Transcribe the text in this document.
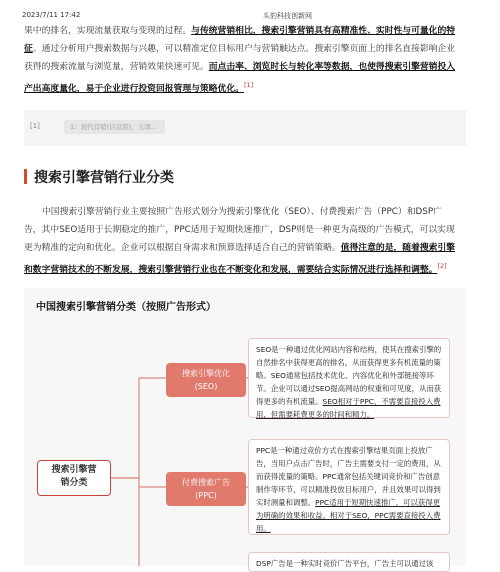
2023/7/11 17:42	头豹科技创新网
果中的排名，实现流量获取与变现的过程。与传统营销相比，搜索引擎营销具有高精准性、实时性与可量化的特
征。通过分析用户搜索数据与兴趣，可以精准定位目标用户与营销触达点。搜索引擎页面上的排名直接影响企业
获得的搜索流量与浏览量，营销效果快速可见。而点击率、浏览时长与转化率等数据，也使得搜索引擎营销投入
产出高度量化，易于企业进行投资回报管理与策略优化。[1]
[1]	1：现代营销(信息版)，天津...
搜索引擎营销行业分类
中国搜索引擎营销行业主要按照广告形式划分为搜索引擎优化（SEO）、付费搜索广告（PPC）和DSP广
告，其中SEO适用于长期稳定的推广，PPC适用于短期快速推广，DSP则是一种更为高级的广告模式，可以实现
更为精准的定向和优化。企业可以根据自身需求和预算选择适合自己的营销策略。值得注意的是，随着搜索引擎
和数字营销技术的不断发展，搜索引擎营销行业也在不断变化和发展，需要结合实际情况进行选择和调整。[2]
中国搜索引擎营销分类（按照广告形式）
搜索引擎营
销分类
搜索引擎优化
(SEO)
SEO是一种通过优化网站内容和结构，使其在搜索引擎的自然排名中获得更高的排名，从而获得更多有机流量的策略。SEO通常包括技术优化、内容优化和外部链接等环节。企业可以通过SEO提高网站的权重和可见度，从而获得更多的有机流量。SEO相对于PPC，不需要直接投入费用，但需要耗费更多的时间和精力。
付费搜索广告
(PPC)
PPC是一种通过竞价方式在搜索引擎结果页面上投放广告，当用户点击广告时，广告主需要支付一定的费用，从而获得流量的策略。PPC通常包括关键词竞价和广告创意制作等环节，可以精准投放目标用户，并且效果可以得到实时测量和调整。PPC适用于短期快速推广，可以获得更为明确的效果和收益。相对于SEO，PPC需要直接投入费用。
DSP广告是一种实时竞价广告平台，广告主可以通过该
